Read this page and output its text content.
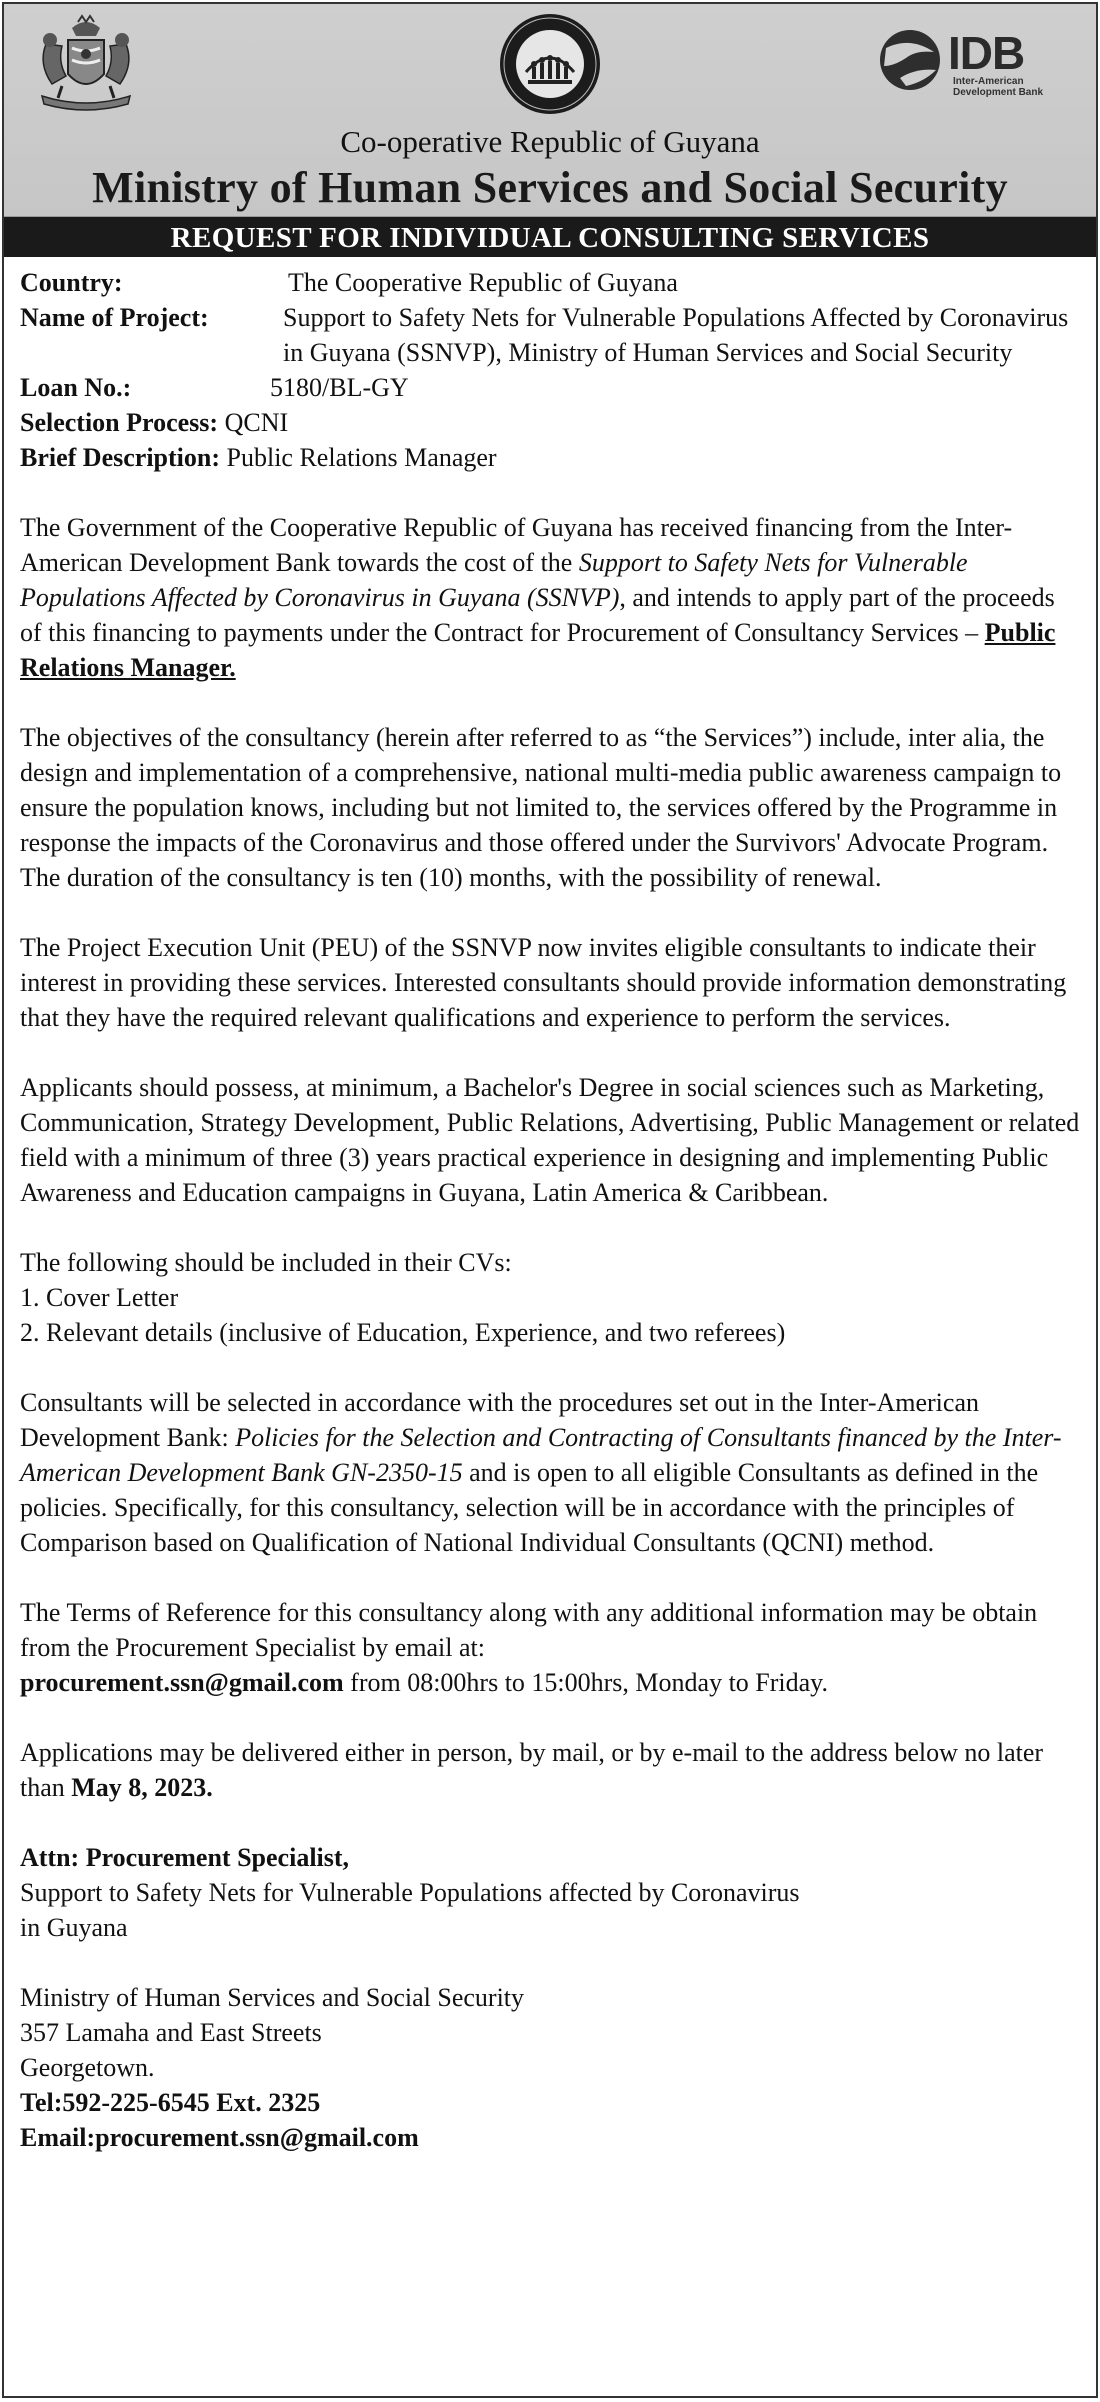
IDB
Inter-American Development Bank
Co-operative Republic of Guyana
Ministry of Human Services and Social Security
REQUEST FOR INDIVIDUAL CONSULTING SERVICES
Country:	The Cooperative Republic of Guyana
Name of Project:	Support to Safety Nets for Vulnerable Populations Affected by Coronavirus in Guyana (SSNVP), Ministry of Human Services and Social Security
Loan No.:	5180/BL-GY
Selection Process: QCNI
Brief Description: Public Relations Manager

The Government of the Cooperative Republic of Guyana has received financing from the Inter-American Development Bank towards the cost of the Support to Safety Nets for Vulnerable Populations Affected by Coronavirus in Guyana (SSNVP), and intends to apply part of the proceeds of this financing to payments under the Contract for Procurement of Consultancy Services – Public Relations Manager.

The objectives of the consultancy (herein after referred to as “the Services”) include, inter alia, the design and implementation of a comprehensive, national multi-media public awareness campaign to ensure the population knows, including but not limited to, the services offered by the Programme in response the impacts of the Coronavirus and those offered under the Survivors' Advocate Program.
The duration of the consultancy is ten (10) months, with the possibility of renewal.

The Project Execution Unit (PEU) of the SSNVP now invites eligible consultants to indicate their interest in providing these services. Interested consultants should provide information demonstrating that they have the required relevant qualifications and experience to perform the services.

Applicants should possess, at minimum, a Bachelor's Degree in social sciences such as Marketing, Communication, Strategy Development, Public Relations, Advertising, Public Management or related field with a minimum of three (3) years practical experience in designing and implementing Public Awareness and Education campaigns in Guyana, Latin America & Caribbean.

The following should be included in their CVs:
1. Cover Letter
2. Relevant details (inclusive of Education, Experience, and two referees)

Consultants will be selected in accordance with the procedures set out in the Inter-American Development Bank: Policies for the Selection and Contracting of Consultants financed by the Inter-American Development Bank GN-2350-15 and is open to all eligible Consultants as defined in the policies. Specifically, for this consultancy, selection will be in accordance with the principles of Comparison based on Qualification of National Individual Consultants (QCNI) method.

The Terms of Reference for this consultancy along with any additional information may be obtain from the Procurement Specialist by email at:
procurement.ssn@gmail.com from 08:00hrs to 15:00hrs, Monday to Friday.

Applications may be delivered either in person, by mail, or by e-mail to the address below no later than May 8, 2023.

Attn: Procurement Specialist,
Support to Safety Nets for Vulnerable Populations affected by Coronavirus
in Guyana
Ministry of Human Services and Social Security
357 Lamaha and East Streets
Georgetown.
Tel:592-225-6545 Ext. 2325
Email:procurement.ssn@gmail.com
